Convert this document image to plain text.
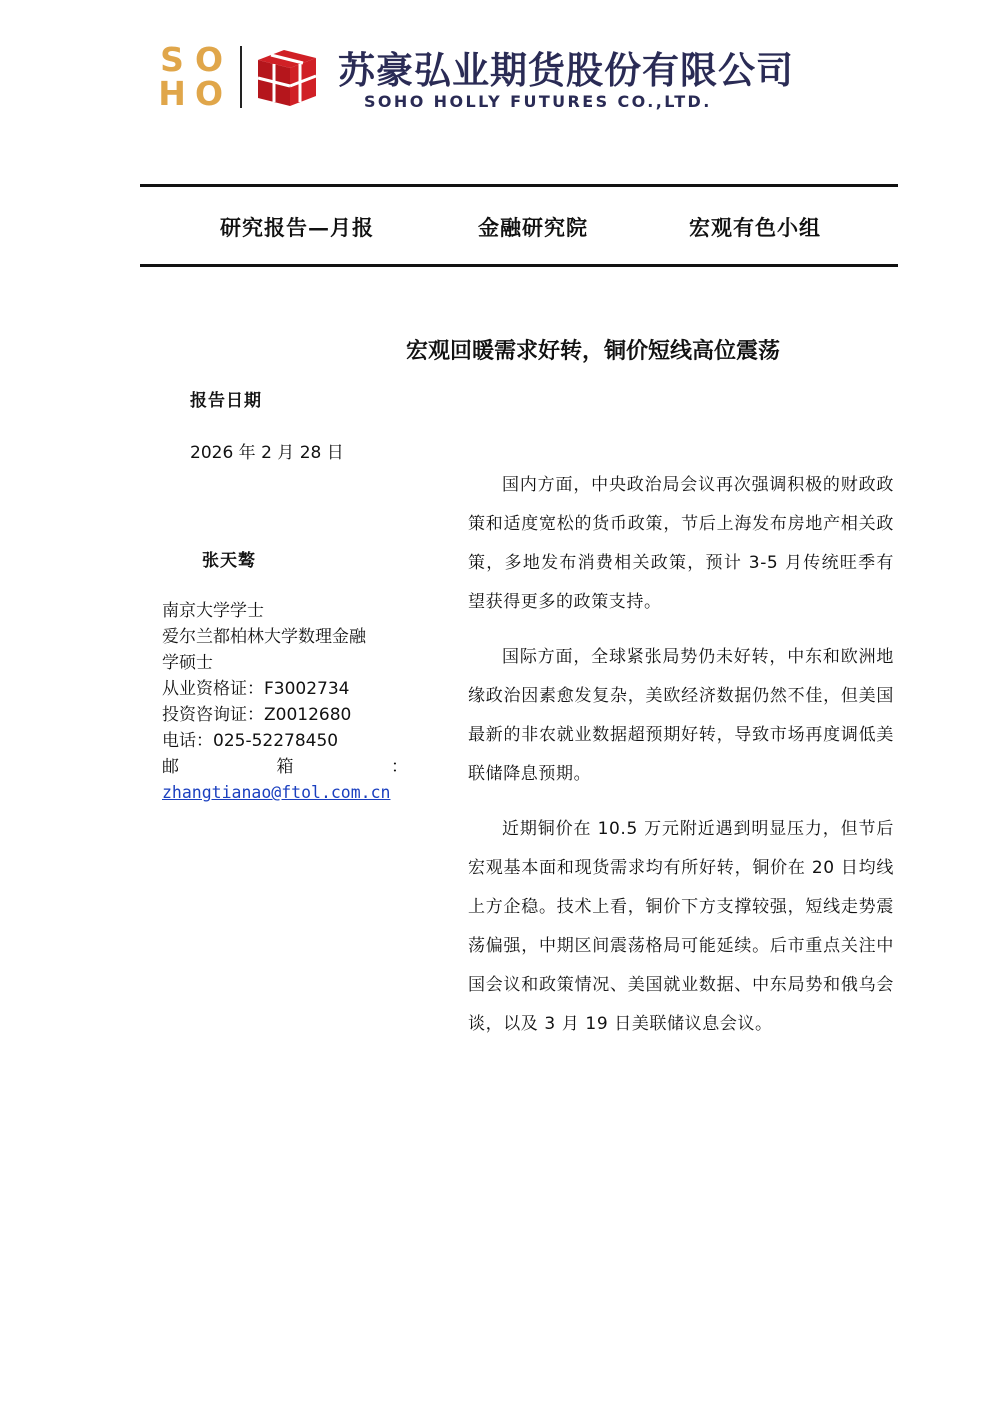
S O
H O
苏豪弘业期货股份有限公司
SOHO HOLLY FUTURES CO.,LTD.
研究报告—月报	金融研究院	宏观有色小组
宏观回暖需求好转，铜价短线高位震荡
报告日期
2026 年 2 月 28 日
张天骜
南京大学学士
爱尔兰都柏林大学数理金融
学硕士
从业资格证：F3002734
投资咨询证：Z0012680
电话：025-52278450
邮	箱	：
zhangtianao@ftol.com.cn

国内方面，中央政治局会议再次强调积极的财政政策和适度宽松的货币政策，节后上海发布房地产相关政策，多地发布消费相关政策，预计 3-5 月传统旺季有望获得更多的政策支持。

国际方面，全球紧张局势仍未好转，中东和欧洲地缘政治因素愈发复杂，美欧经济数据仍然不佳，但美国最新的非农就业数据超预期好转，导致市场再度调低美联储降息预期。

近期铜价在 10.5 万元附近遇到明显压力，但节后宏观基本面和现货需求均有所好转，铜价在 20 日均线上方企稳。技术上看，铜价下方支撑较强，短线走势震荡偏强，中期区间震荡格局可能延续。后市重点关注中国会议和政策情况、美国就业数据、中东局势和俄乌会谈，以及 3 月 19 日美联储议息会议。
